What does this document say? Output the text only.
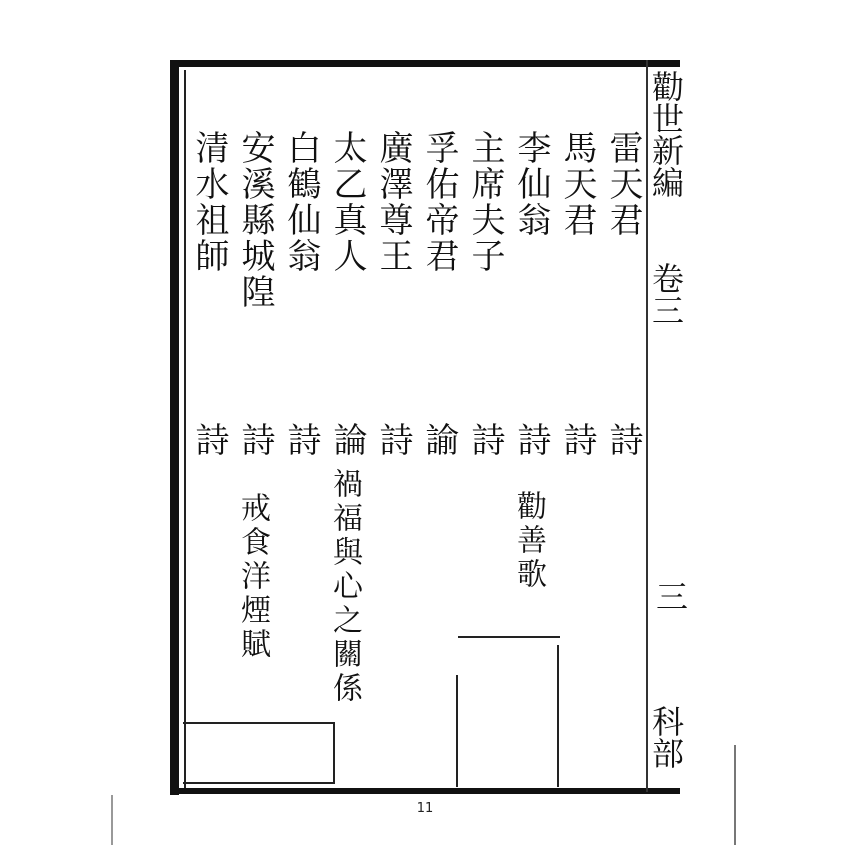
勸世新編
卷三
三
科部
雷天君
馬天君
李仙翁
主席夫子
孚佑帝君
廣澤尊王
太乙真人
白鶴仙翁
安溪縣城隍
清水祖師
詩
詩
詩
詩
諭
詩
論
詩
詩
詩
勸善歌
禍福與心之關係
戒食洋煙賦
11
